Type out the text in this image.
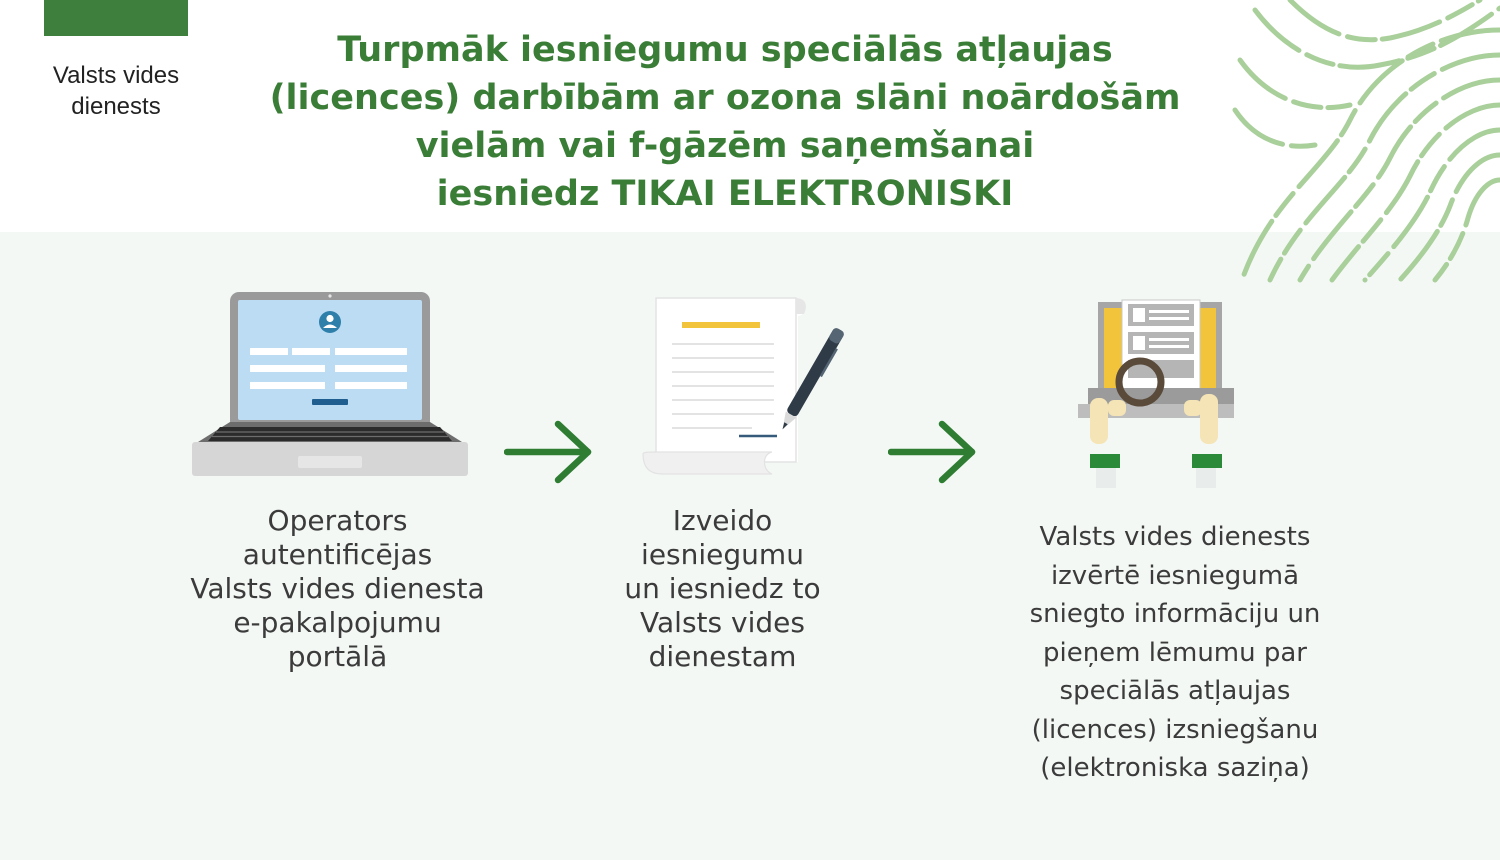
Valsts vides
dienests
Turpmāk iesniegumu speciālās atļaujas
(licences) darbībām ar ozona slāni noārdošām
vielām vai f-gāzēm saņemšanai
iesniedz TIKAI ELEKTRONISKI
Operators
autentificējas
Valsts vides dienesta
e-pakalpojumu
portālā
Izveido
iesniegumu
un iesniedz to
Valsts vides
dienestam
Valsts vides dienests
izvērtē iesniegumā
sniegto informāciju un
pieņem lēmumu par
speciālās atļaujas
(licences) izsniegšanu
(elektroniska saziņa)
